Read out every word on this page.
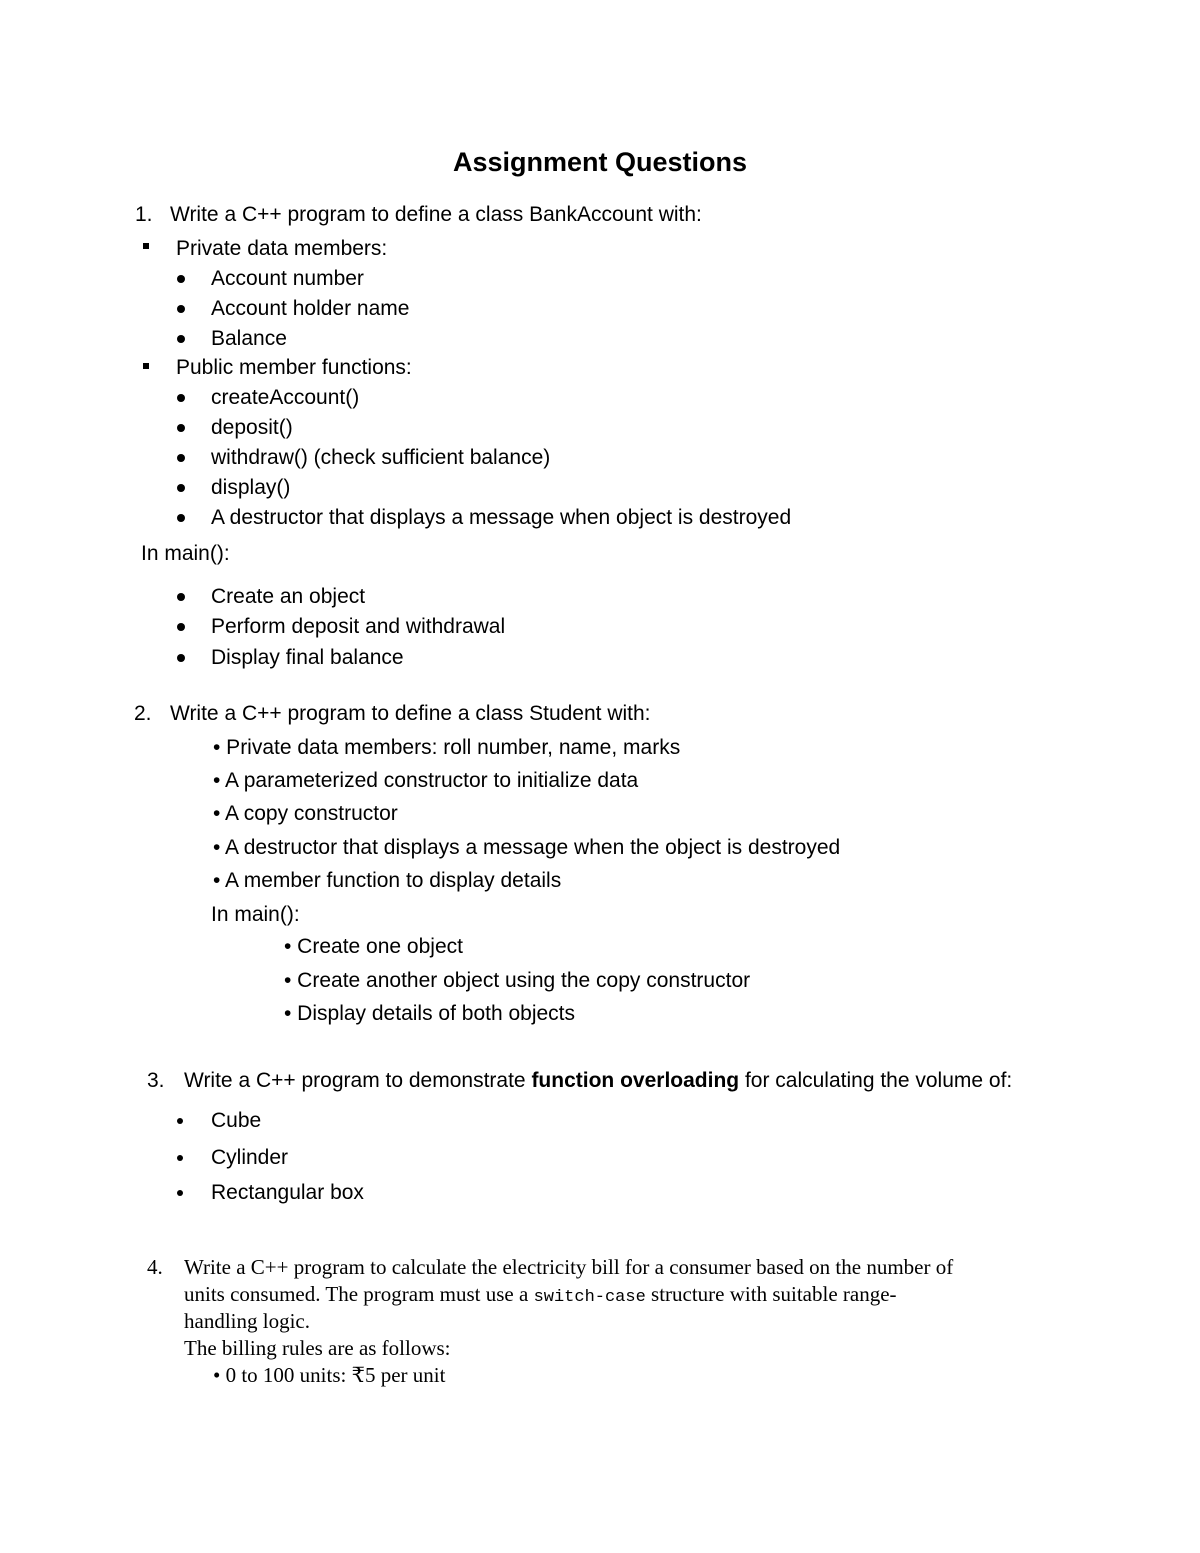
Assignment Questions
1. Write a C++ program to define a class BankAccount with:
Private data members:
Account number
Account holder name
Balance
Public member functions:
createAccount()
deposit()
withdraw() (check sufficient balance)
display()
A destructor that displays a message when object is destroyed
In main():
Create an object
Perform deposit and withdrawal
Display final balance
2. Write a C++ program to define a class Student with:
• Private data members: roll number, name, marks
• A parameterized constructor to initialize data
• A copy constructor
• A destructor that displays a message when the object is destroyed
• A member function to display details
In main():
• Create one object
• Create another object using the copy constructor
• Display details of both objects
3. Write a C++ program to demonstrate function overloading for calculating the volume of:
Cube
Cylinder
Rectangular box
4. Write a C++ program to calculate the electricity bill for a consumer based on the number of
units consumed. The program must use a switch-case structure with suitable range-
handling logic.
The billing rules are as follows:
• 0 to 100 units: ₹5 per unit
